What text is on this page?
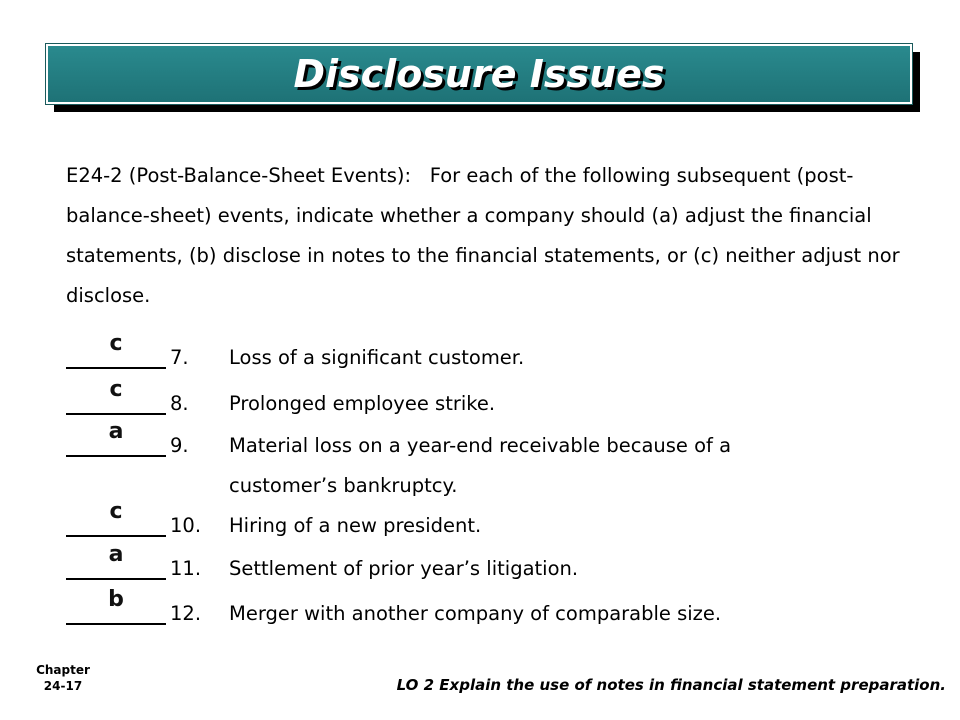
Disclosure Issues
E24-2 (Post-Balance-Sheet Events): For each of the following subsequent (post-balance-sheet) events, indicate whether a company should (a) adjust the financial statements, (b) disclose in notes to the financial statements, or (c) neither adjust nor disclose.
c
7. Loss of a significant customer.
c
8. Prolonged employee strike.
a
9. Material loss on a year-end receivable because of a
customer’s bankruptcy.
c
10. Hiring of a new president.
a
11. Settlement of prior year’s litigation.
b
12. Merger with another company of comparable size.
Chapter
24-17	LO 2 Explain the use of notes in financial statement preparation.
